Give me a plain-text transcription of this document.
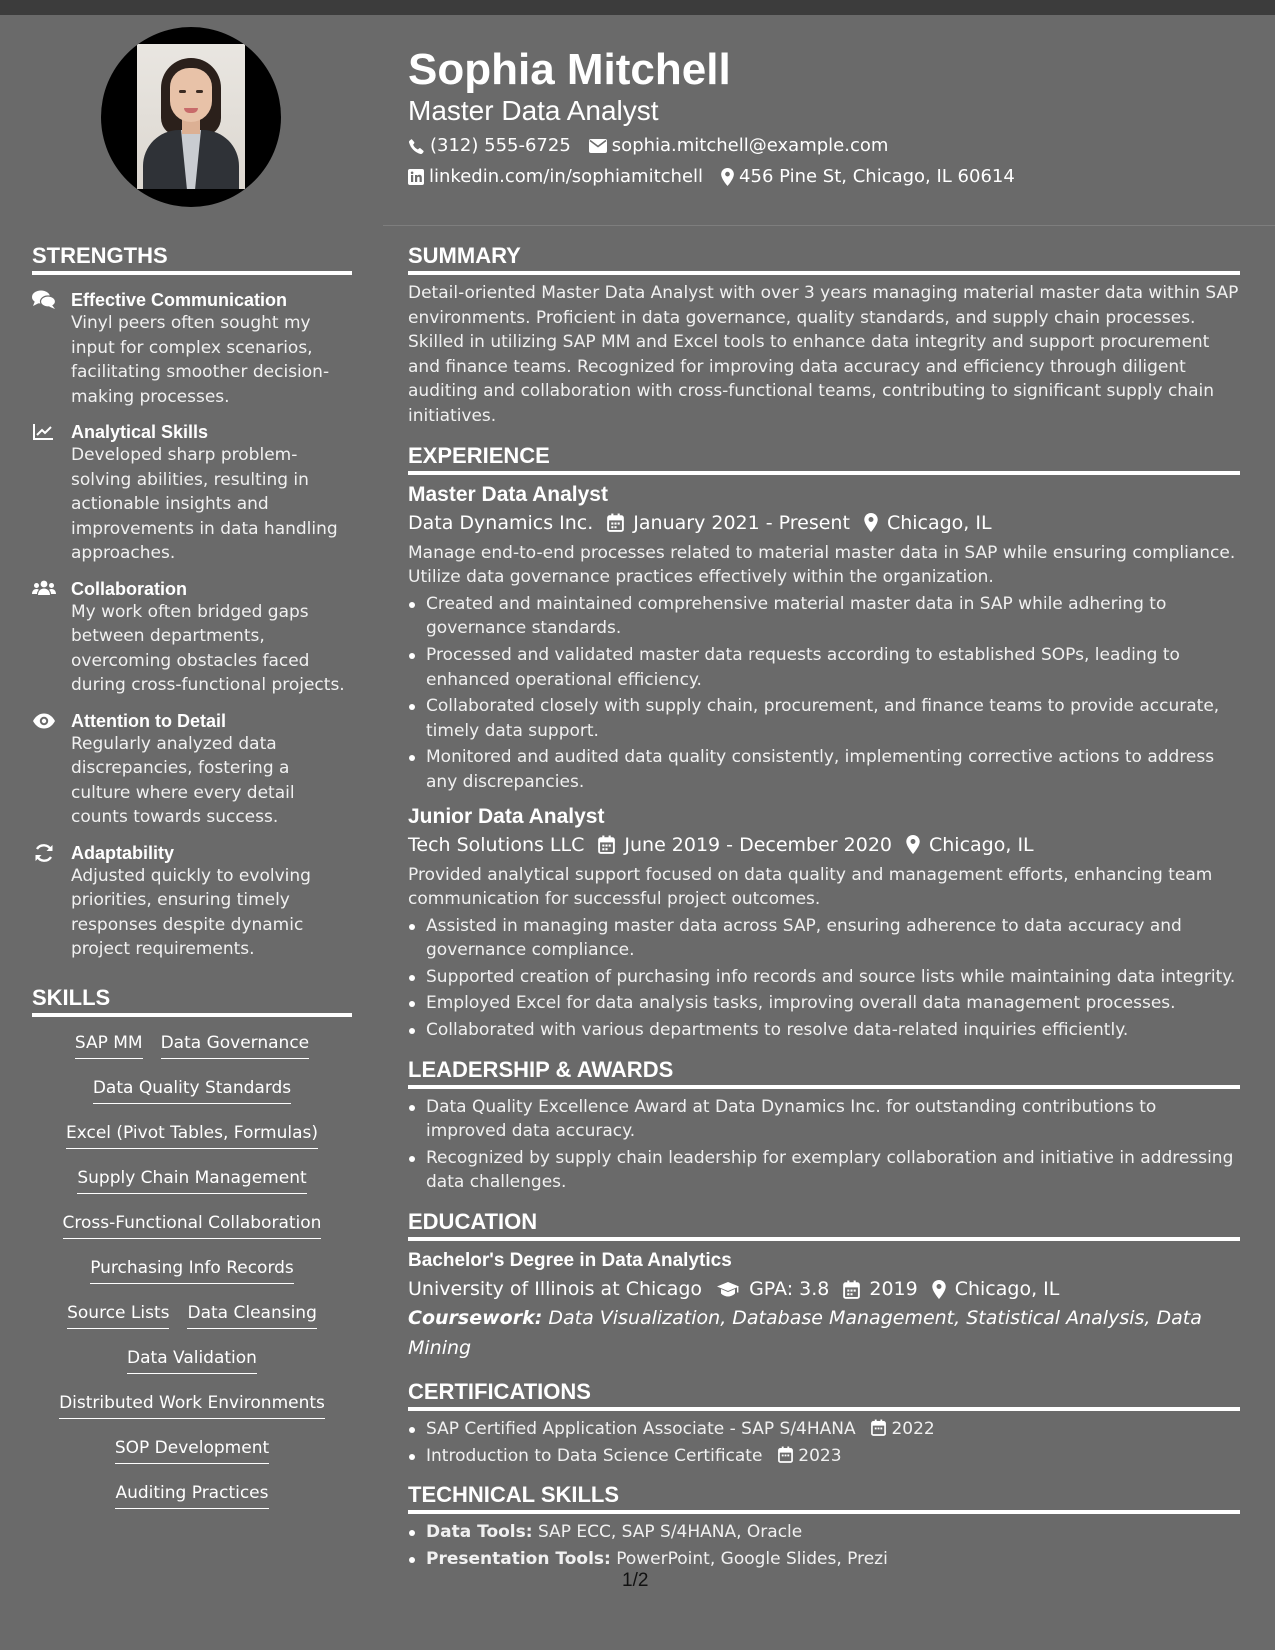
Sophia Mitchell
Master Data Analyst
(312) 555-6725 sophia.mitchell@example.com
linkedin.com/in/sophiamitchell 456 Pine St, Chicago, IL 60614
STRENGTHS
Effective Communication
Vinyl peers often sought my input for complex scenarios, facilitating smoother decision-making processes.
Analytical Skills
Developed sharp problem-solving abilities, resulting in actionable insights and improvements in data handling approaches.
Collaboration
My work often bridged gaps between departments, overcoming obstacles faced during cross-functional projects.
Attention to Detail
Regularly analyzed data discrepancies, fostering a culture where every detail counts towards success.
Adaptability
Adjusted quickly to evolving priorities, ensuring timely responses despite dynamic project requirements.
SKILLS
SAP MM Data Governance
Data Quality Standards
Excel (Pivot Tables, Formulas)
Supply Chain Management
Cross-Functional Collaboration
Purchasing Info Records
Source Lists Data Cleansing
Data Validation
Distributed Work Environments
SOP Development
Auditing Practices
SUMMARY
Detail-oriented Master Data Analyst with over 3 years managing material master data within SAP environments. Proficient in data governance, quality standards, and supply chain processes. Skilled in utilizing SAP MM and Excel tools to enhance data integrity and support procurement and finance teams. Recognized for improving data accuracy and efficiency through diligent auditing and collaboration with cross-functional teams, contributing to significant supply chain initiatives.
EXPERIENCE
Master Data Analyst
Data Dynamics Inc. January 2021 - Present Chicago, IL
Manage end-to-end processes related to material master data in SAP while ensuring compliance. Utilize data governance practices effectively within the organization.
Created and maintained comprehensive material master data in SAP while adhering to governance standards.
Processed and validated master data requests according to established SOPs, leading to enhanced operational efficiency.
Collaborated closely with supply chain, procurement, and finance teams to provide accurate, timely data support.
Monitored and audited data quality consistently, implementing corrective actions to address any discrepancies.
Junior Data Analyst
Tech Solutions LLC June 2019 - December 2020 Chicago, IL
Provided analytical support focused on data quality and management efforts, enhancing team communication for successful project outcomes.
Assisted in managing master data across SAP, ensuring adherence to data accuracy and governance compliance.
Supported creation of purchasing info records and source lists while maintaining data integrity.
Employed Excel for data analysis tasks, improving overall data management processes.
Collaborated with various departments to resolve data-related inquiries efficiently.
LEADERSHIP & AWARDS
Data Quality Excellence Award at Data Dynamics Inc. for outstanding contributions to improved data accuracy.
Recognized by supply chain leadership for exemplary collaboration and initiative in addressing data challenges.
EDUCATION
Bachelor's Degree in Data Analytics
University of Illinois at Chicago GPA: 3.8 2019 Chicago, IL
Coursework: Data Visualization, Database Management, Statistical Analysis, Data Mining
CERTIFICATIONS
SAP Certified Application Associate - SAP S/4HANA 2022
Introduction to Data Science Certificate 2023
TECHNICAL SKILLS
Data Tools: SAP ECC, SAP S/4HANA, Oracle
Presentation Tools: PowerPoint, Google Slides, Prezi
1/2
